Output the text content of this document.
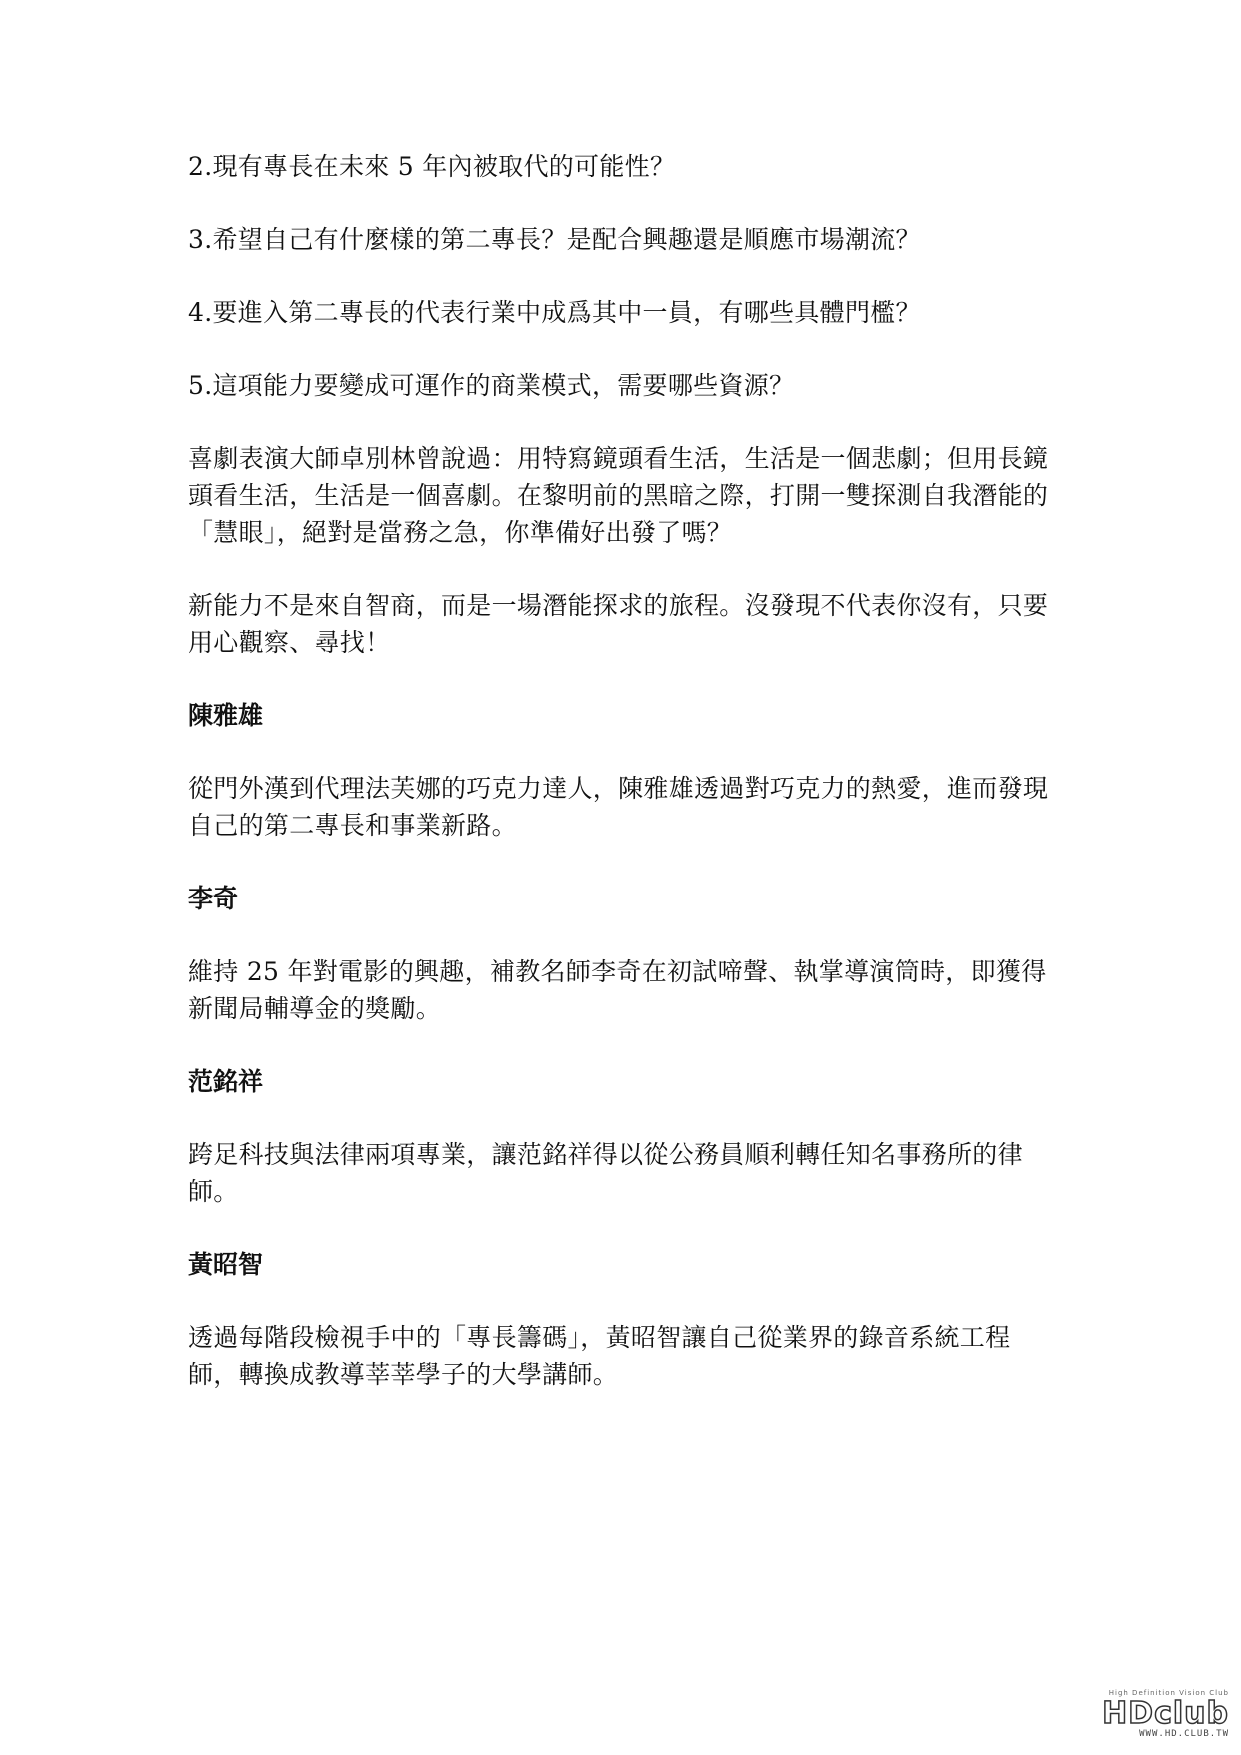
2.現有專長在未來 5 年內被取代的可能性？

3.希望自己有什麼樣的第二專長？是配合興趣還是順應市場潮流？

4.要進入第二專長的代表行業中成爲其中一員，有哪些具體門檻？

5.這項能力要變成可運作的商業模式，需要哪些資源？

喜劇表演大師卓別林曾說過：用特寫鏡頭看生活，生活是一個悲劇；但用長鏡頭看生活，生活是一個喜劇。在黎明前的黑暗之際，打開一雙探測自我潛能的「慧眼」，絕對是當務之急，你準備好出發了嗎？

新能力不是來自智商，而是一場潛能探求的旅程。沒發現不代表你沒有，只要用心觀察、尋找！

陳雅雄

從門外漢到代理法芙娜的巧克力達人，陳雅雄透過對巧克力的熱愛，進而發現自己的第二專長和事業新路。

李奇

維持 25 年對電影的興趣，補教名師李奇在初試啼聲、執掌導演筒時，即獲得新聞局輔導金的獎勵。

范銘祥

跨足科技與法律兩項專業，讓范銘祥得以從公務員順利轉任知名事務所的律師。

黃昭智

透過每階段檢視手中的「專長籌碼」，黃昭智讓自己從業界的錄音系統工程師，轉換成教導莘莘學子的大學講師。

High Definition Vision Club
HDclub
WWW.HD.CLUB.TW
